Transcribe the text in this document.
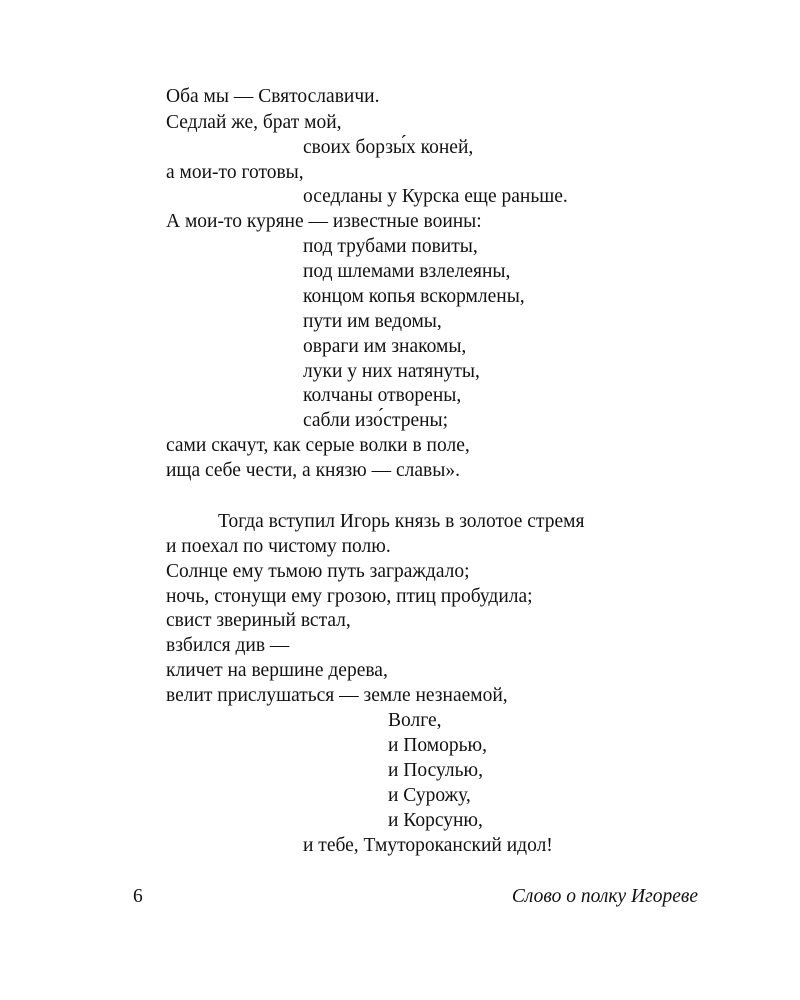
Оба мы — Святославичи.
Седлай же, брат мой,
своих борзы́х коней,
а мои-то готовы,
оседланы у Курска еще раньше.
А мои-то куряне — известные воины:
под трубами повиты,
под шлемами взлелеяны,
концом копья вскормлены,
пути им ведомы,
овраги им знакомы,
луки у них натянуты,
колчаны отворены,
сабли изо́стрены;
сами скачут, как серые волки в поле,
ища себе чести, а князю — славы».
Тогда вступил Игорь князь в золотое стремя
и поехал по чистому полю.
Солнце ему тьмою путь заграждало;
ночь, стонущи ему грозою, птиц пробудила;
свист звериный встал,
взбился див —
кличет на вершине дерева,
велит прислушаться — земле незнаемой,
Волге,
и Поморью,
и Посулью,
и Сурожу,
и Корсуню,
и тебе, Тмутороканский идол!
6	Слово о полку Игореве
